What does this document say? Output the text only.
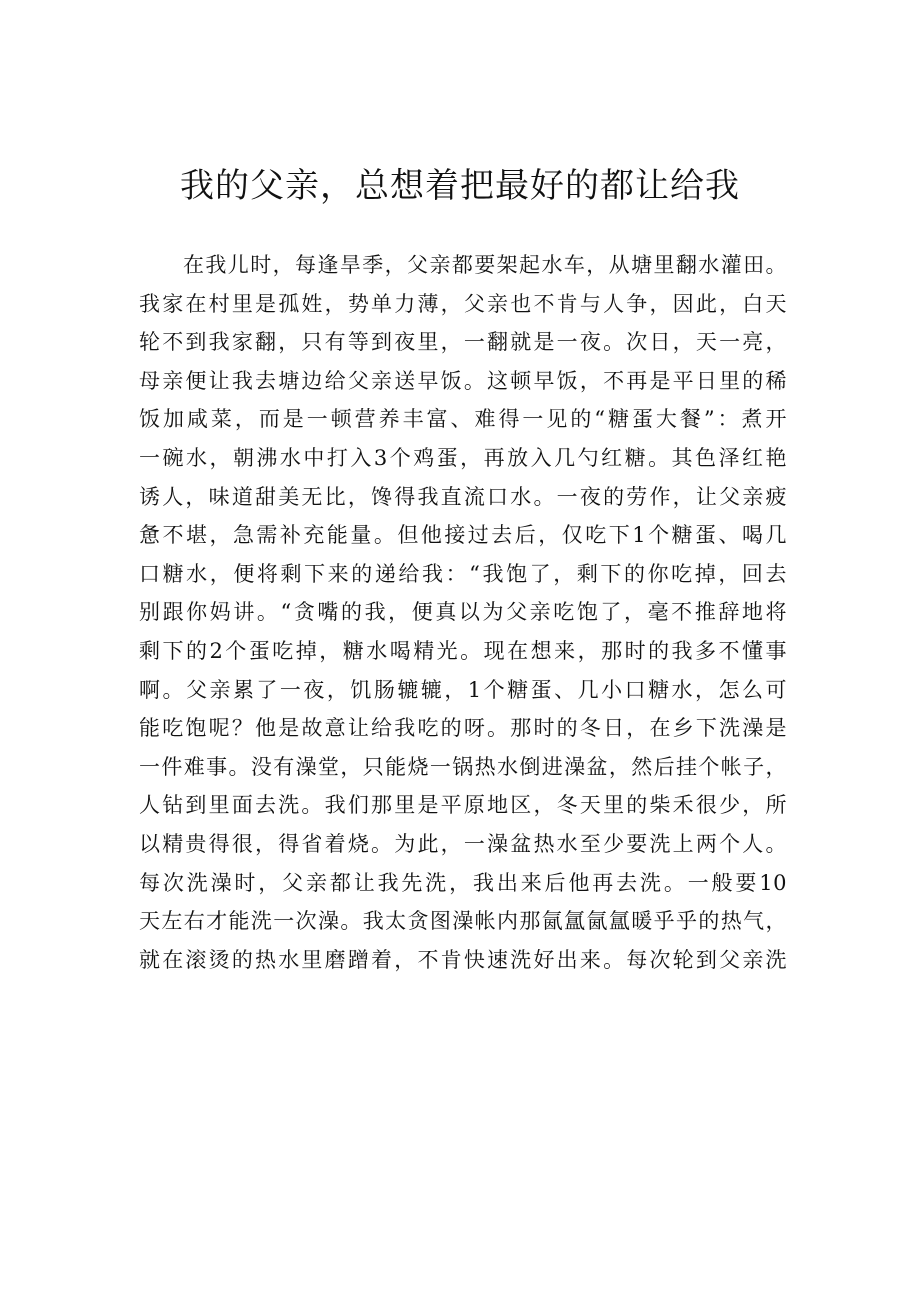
我的父亲，总想着把最好的都让给我
在我儿时，每逢旱季，父亲都要架起水车，从塘里翻水灌田。
我家在村里是孤姓，势单力薄，父亲也不肯与人争，因此，白天
轮不到我家翻，只有等到夜里，一翻就是一夜。次日，天一亮，
母亲便让我去塘边给父亲送早饭。这顿早饭，不再是平日里的稀
饭加咸菜，而是一顿营养丰富、难得一见的“糖蛋大餐”：煮开
一碗水，朝沸水中打入3个鸡蛋，再放入几勺红糖。其色泽红艳
诱人，味道甜美无比，馋得我直流口水。一夜的劳作，让父亲疲
惫不堪，急需补充能量。但他接过去后，仅吃下1个糖蛋、喝几
口糖水，便将剩下来的递给我：“我饱了，剩下的你吃掉，回去
别跟你妈讲。“贪嘴的我，便真以为父亲吃饱了，毫不推辞地将
剩下的2个蛋吃掉，糖水喝精光。现在想来，那时的我多不懂事
啊。父亲累了一夜，饥肠辘辘，1个糖蛋、几小口糖水，怎么可
能吃饱呢？他是故意让给我吃的呀。那时的冬日，在乡下洗澡是
一件难事。没有澡堂，只能烧一锅热水倒进澡盆，然后挂个帐子，
人钻到里面去洗。我们那里是平原地区，冬天里的柴禾很少，所
以精贵得很，得省着烧。为此，一澡盆热水至少要洗上两个人。
每次洗澡时，父亲都让我先洗，我出来后他再去洗。一般要10
天左右才能洗一次澡。我太贪图澡帐内那氤氲氤氲暖乎乎的热气，
就在滚烫的热水里磨蹭着，不肯快速洗好出来。每次轮到父亲洗
